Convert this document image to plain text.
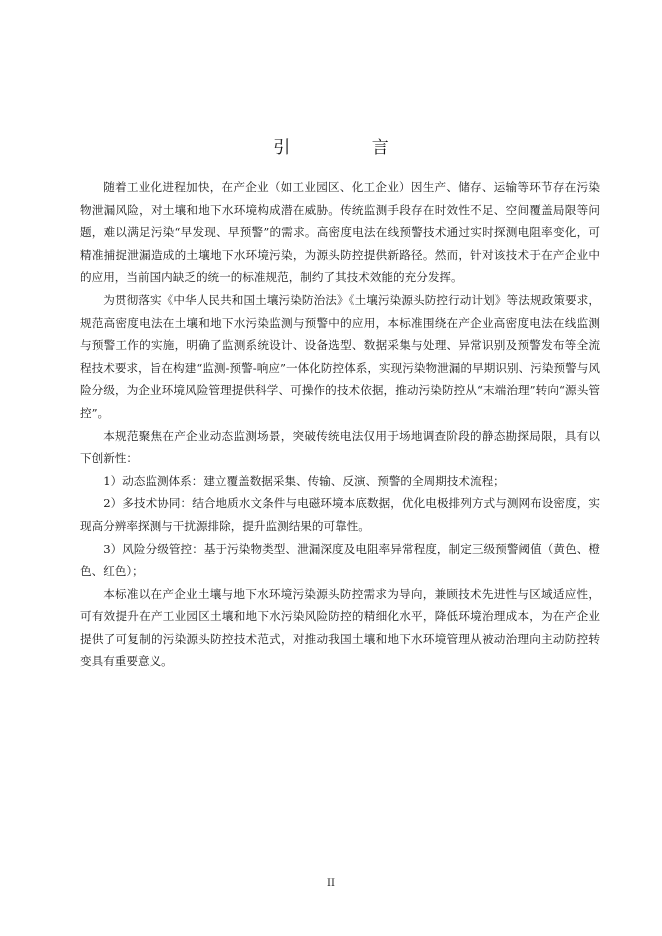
引 言

随着工业化进程加快，在产企业（如工业园区、化工企业）因生产、储存、运输等环节存在污染物泄漏风险，对土壤和地下水环境构成潜在威胁。传统监测手段存在时效性不足、空间覆盖局限等问题，难以满足污染“早发现、早预警”的需求。高密度电法在线预警技术通过实时探测电阻率变化，可精准捕捉泄漏造成的土壤地下水环境污染，为源头防控提供新路径。然而，针对该技术于在产企业中的应用，当前国内缺乏的统一的标准规范，制约了其技术效能的充分发挥。

为贯彻落实《中华人民共和国土壤污染防治法》《土壤污染源头防控行动计划》等法规政策要求，规范高密度电法在土壤和地下水污染监测与预警中的应用，本标准围绕在产企业高密度电法在线监测与预警工作的实施，明确了监测系统设计、设备选型、数据采集与处理、异常识别及预警发布等全流程技术要求，旨在构建“监测-预警-响应”一体化防控体系，实现污染物泄漏的早期识别、污染预警与风险分级，为企业环境风险管理提供科学、可操作的技术依据，推动污染防控从“末端治理”转向“源头管控”。

本规范聚焦在产企业动态监测场景，突破传统电法仅用于场地调查阶段的静态勘探局限，具有以下创新性：

1）动态监测体系：建立覆盖数据采集、传输、反演、预警的全周期技术流程；

2）多技术协同：结合地质水文条件与电磁环境本底数据，优化电极排列方式与测网布设密度，实现高分辨率探测与干扰源排除，提升监测结果的可靠性。

3）风险分级管控：基于污染物类型、泄漏深度及电阻率异常程度，制定三级预警阈值（黄色、橙色、红色）；

本标准以在产企业土壤与地下水环境污染源头防控需求为导向，兼顾技术先进性与区域适应性，可有效提升在产工业园区土壤和地下水污染风险防控的精细化水平，降低环境治理成本，为在产企业提供了可复制的污染源头防控技术范式，对推动我国土壤和地下水环境管理从被动治理向主动防控转变具有重要意义。

II
